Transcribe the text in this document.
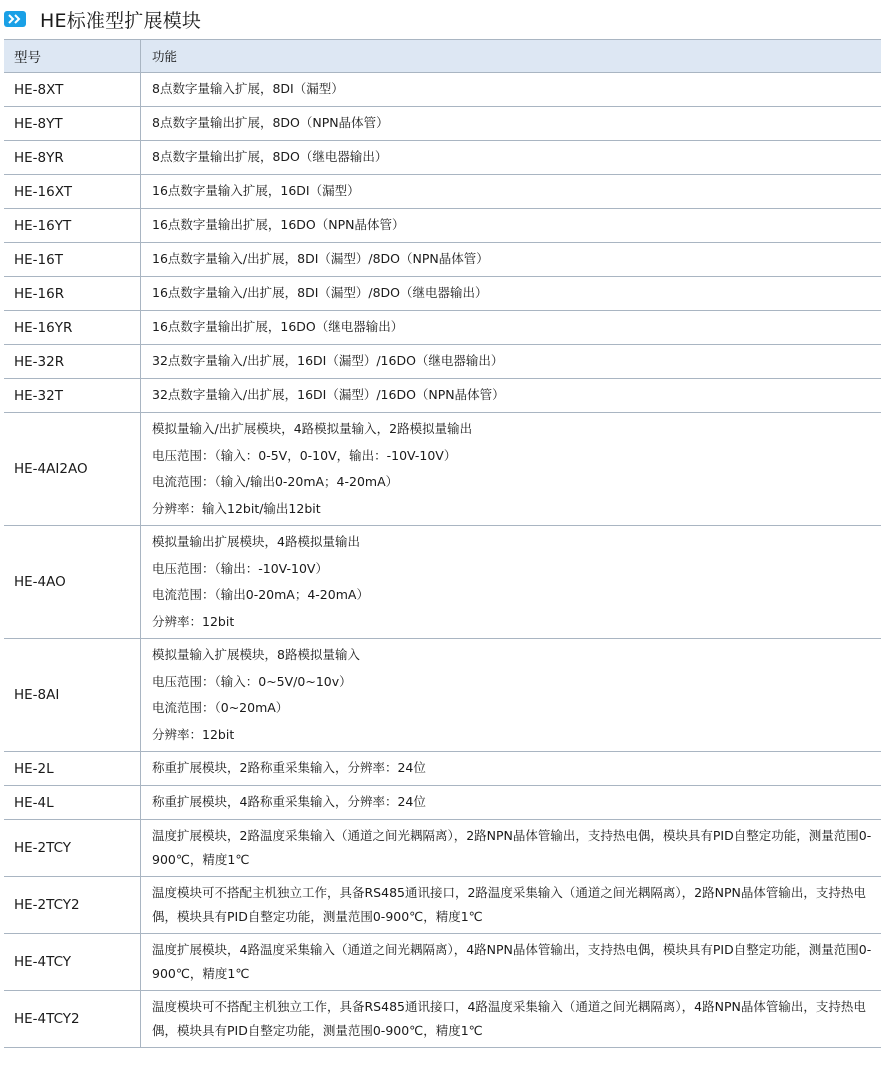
HE标准型扩展模块
型号	功能
HE-8XT	8点数字量输入扩展，8DI（漏型）

HE-8YT	8点数字量输出扩展，8DO（NPN晶体管）

HE-8YR	8点数字量输出扩展，8DO（继电器输出）

HE-16XT	16点数字量输入扩展，16DI（漏型）

HE-16YT	16点数字量输出扩展，16DO（NPN晶体管）

HE-16T	16点数字量输入/出扩展，8DI（漏型）/8DO（NPN晶体管）

HE-16R	16点数字量输入/出扩展，8DI（漏型）/8DO（继电器输出）

HE-16YR	16点数字量输出扩展，16DO（继电器输出）

HE-32R	32点数字量输入/出扩展，16DI（漏型）/16DO（继电器输出）

HE-32T	32点数字量输入/出扩展，16DI（漏型）/16DO（NPN晶体管）

HE-4AI2AO	模拟量输入/出扩展模块，4路模拟量输入，2路模拟量输出
电压范围：（输入：0-5V，0-10V，输出：-10V-10V）
电流范围：（输入/输出0-20mA；4-20mA）
分辨率：输入12bit/输出12bit

HE-4AO	模拟量输出扩展模块，4路模拟量输出
电压范围：（输出：-10V-10V）
电流范围：（输出0-20mA；4-20mA）
分辨率：12bit

HE-8AI	模拟量输入扩展模块，8路模拟量输入
电压范围：（输入：0~5V/0~10v）
电流范围：（0~20mA）
分辨率：12bit

HE-2L	称重扩展模块，2路称重采集输入，分辨率：24位

HE-4L	称重扩展模块，4路称重采集输入，分辨率：24位

HE-2TCY	温度扩展模块，2路温度采集输入（通道之间光耦隔离），2路NPN晶体管输出，支持热电偶，模块具有PID自整定功能，测量范围0-900℃，精度1℃

HE-2TCY2	温度模块可不搭配主机独立工作，具备RS485通讯接口，2路温度采集输入（通道之间光耦隔离），2路NPN晶体管输出，支持热电偶，模块具有PID自整定功能，测量范围0-900℃，精度1℃

HE-4TCY	温度扩展模块，4路温度采集输入（通道之间光耦隔离），4路NPN晶体管输出，支持热电偶，模块具有PID自整定功能，测量范围0-900℃，精度1℃

HE-4TCY2	温度模块可不搭配主机独立工作，具备RS485通讯接口，4路温度采集输入（通道之间光耦隔离），4路NPN晶体管输出，支持热电偶，模块具有PID自整定功能，测量范围0-900℃，精度1℃
